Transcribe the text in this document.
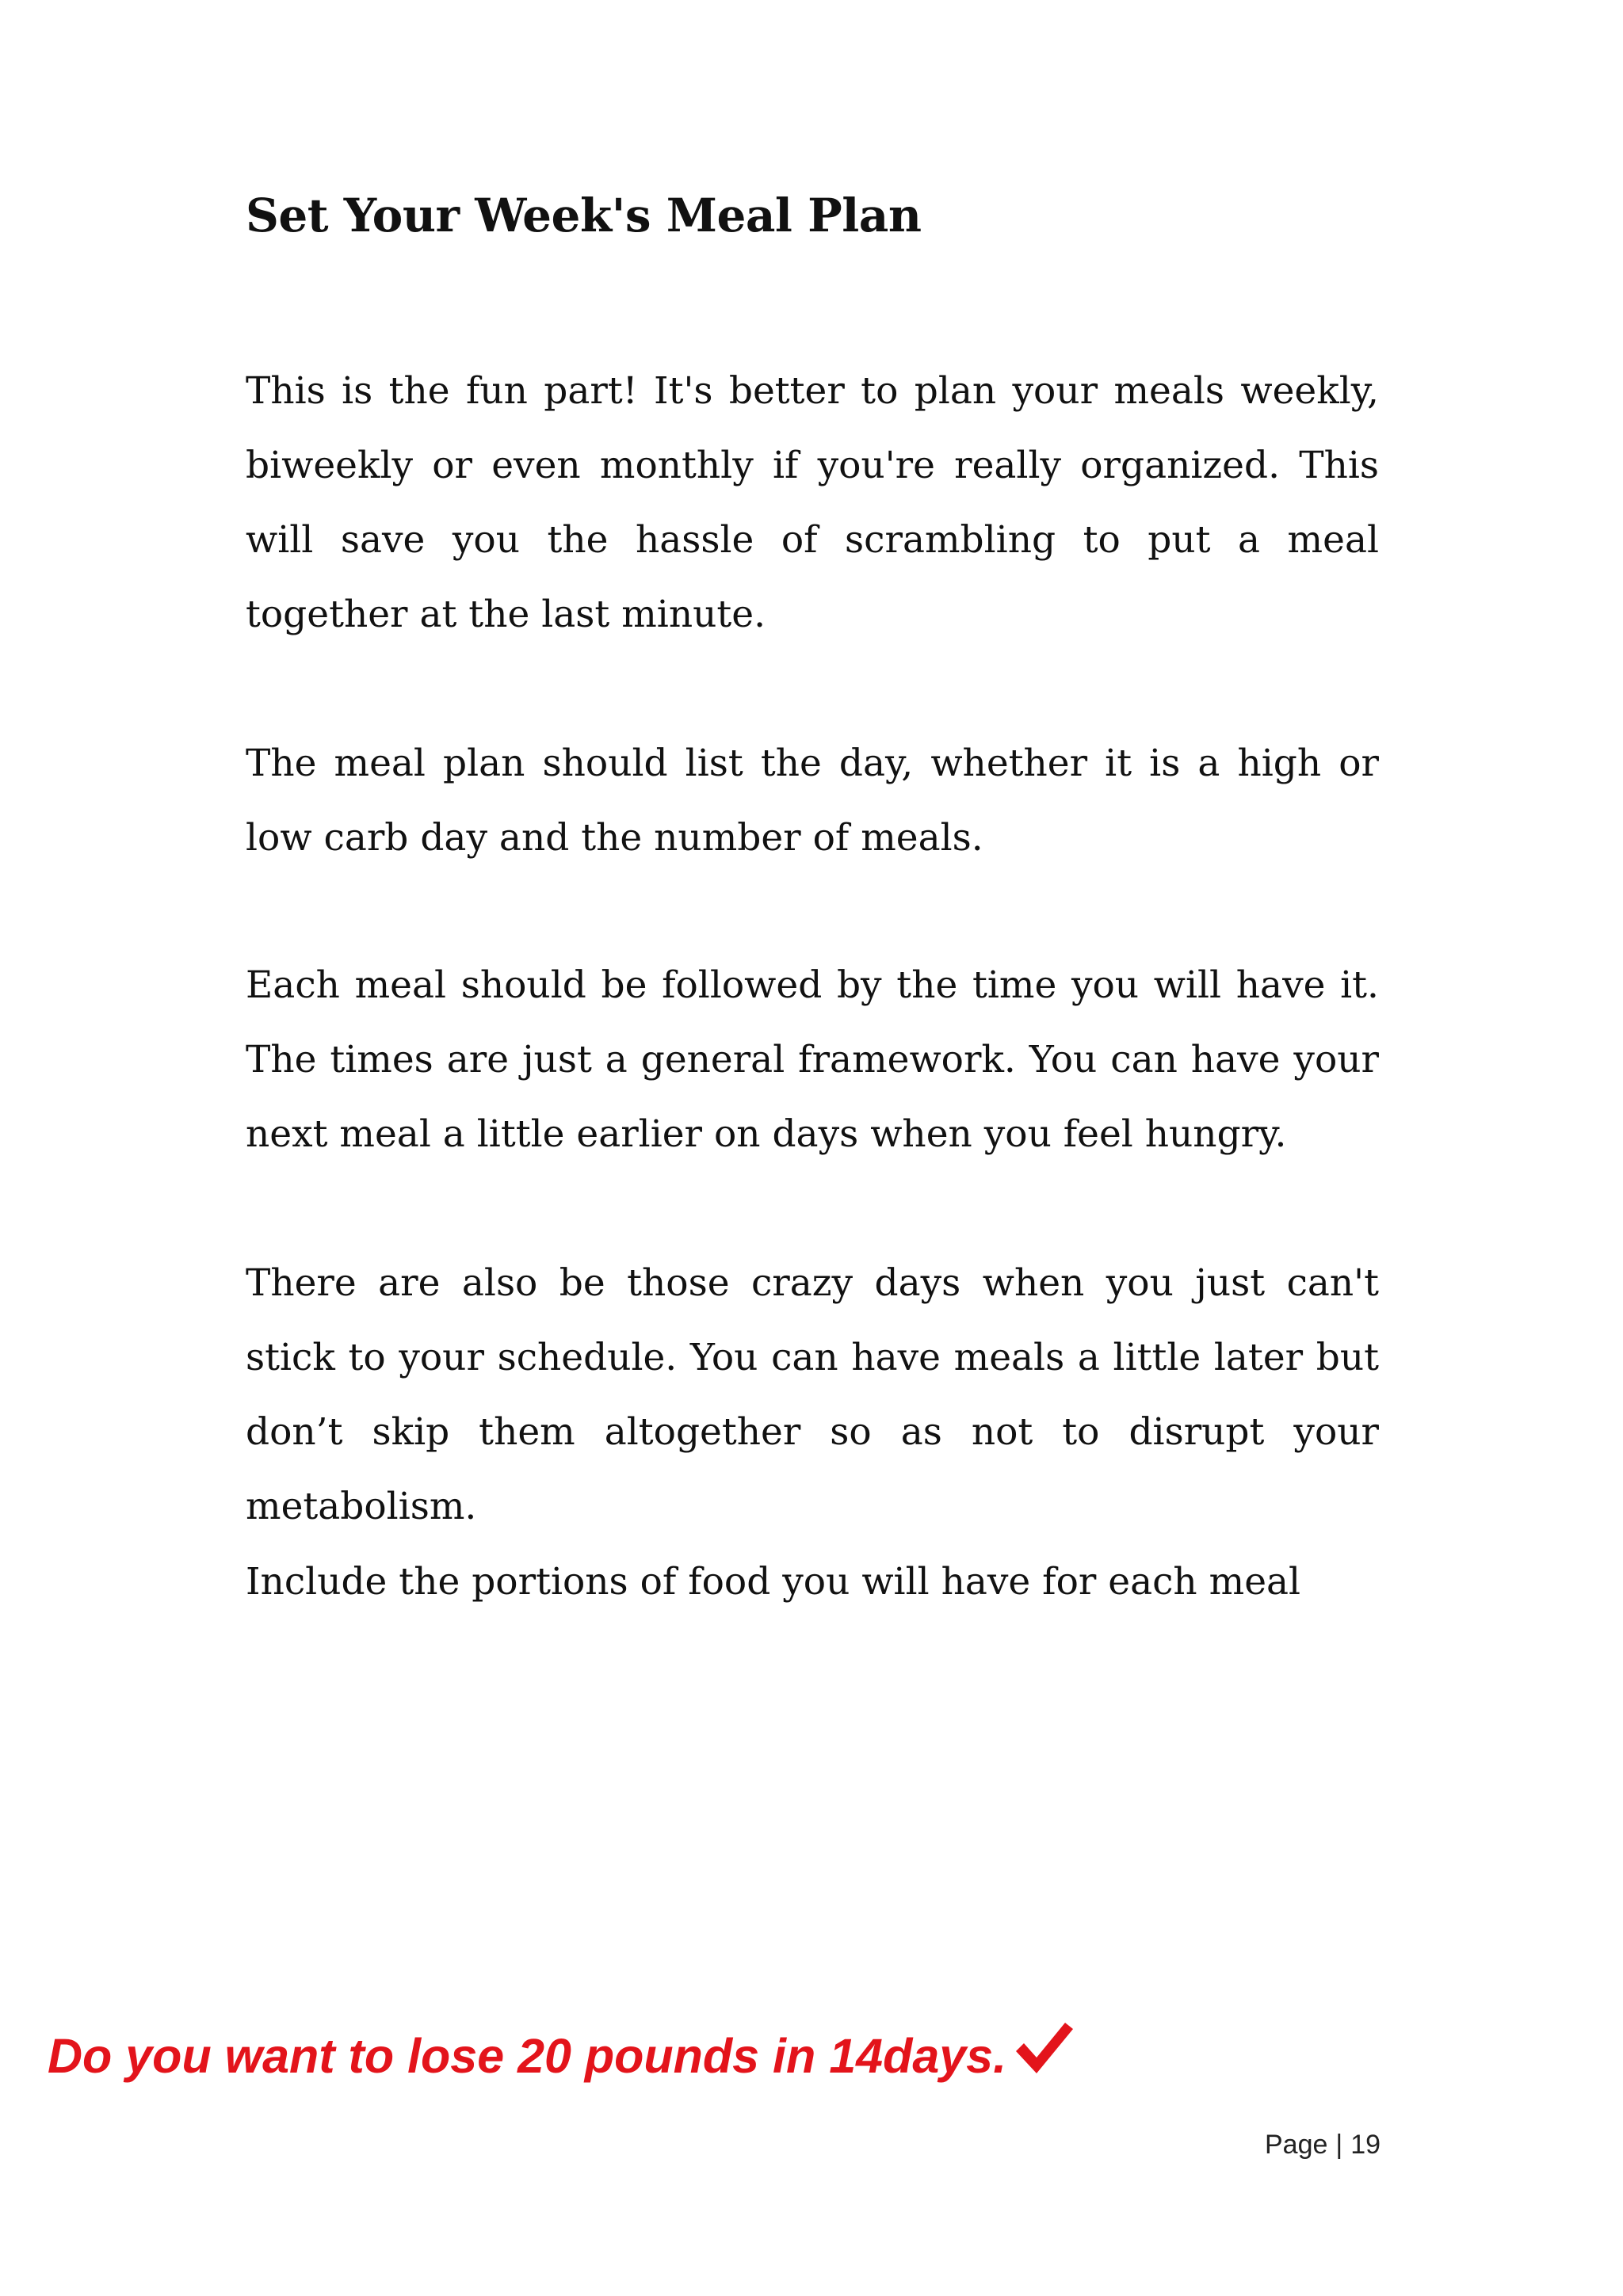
Set Your Week's Meal Plan

This is the fun part! It's better to plan your meals weekly, biweekly or even monthly if you're really organized. This will save you the hassle of scrambling to put a meal together at the last minute.

The meal plan should list the day, whether it is a high or low carb day and the number of meals.

Each meal should be followed by the time you will have it. The times are just a general framework. You can have your next meal a little earlier on days when you feel hungry.

There are also be those crazy days when you just can't stick to your schedule. You can have meals a little later but don’t skip them altogether so as not to disrupt your metabolism.

Include the portions of food you will have for each meal

Do you want to lose 20 pounds in 14days.
Page | 19
